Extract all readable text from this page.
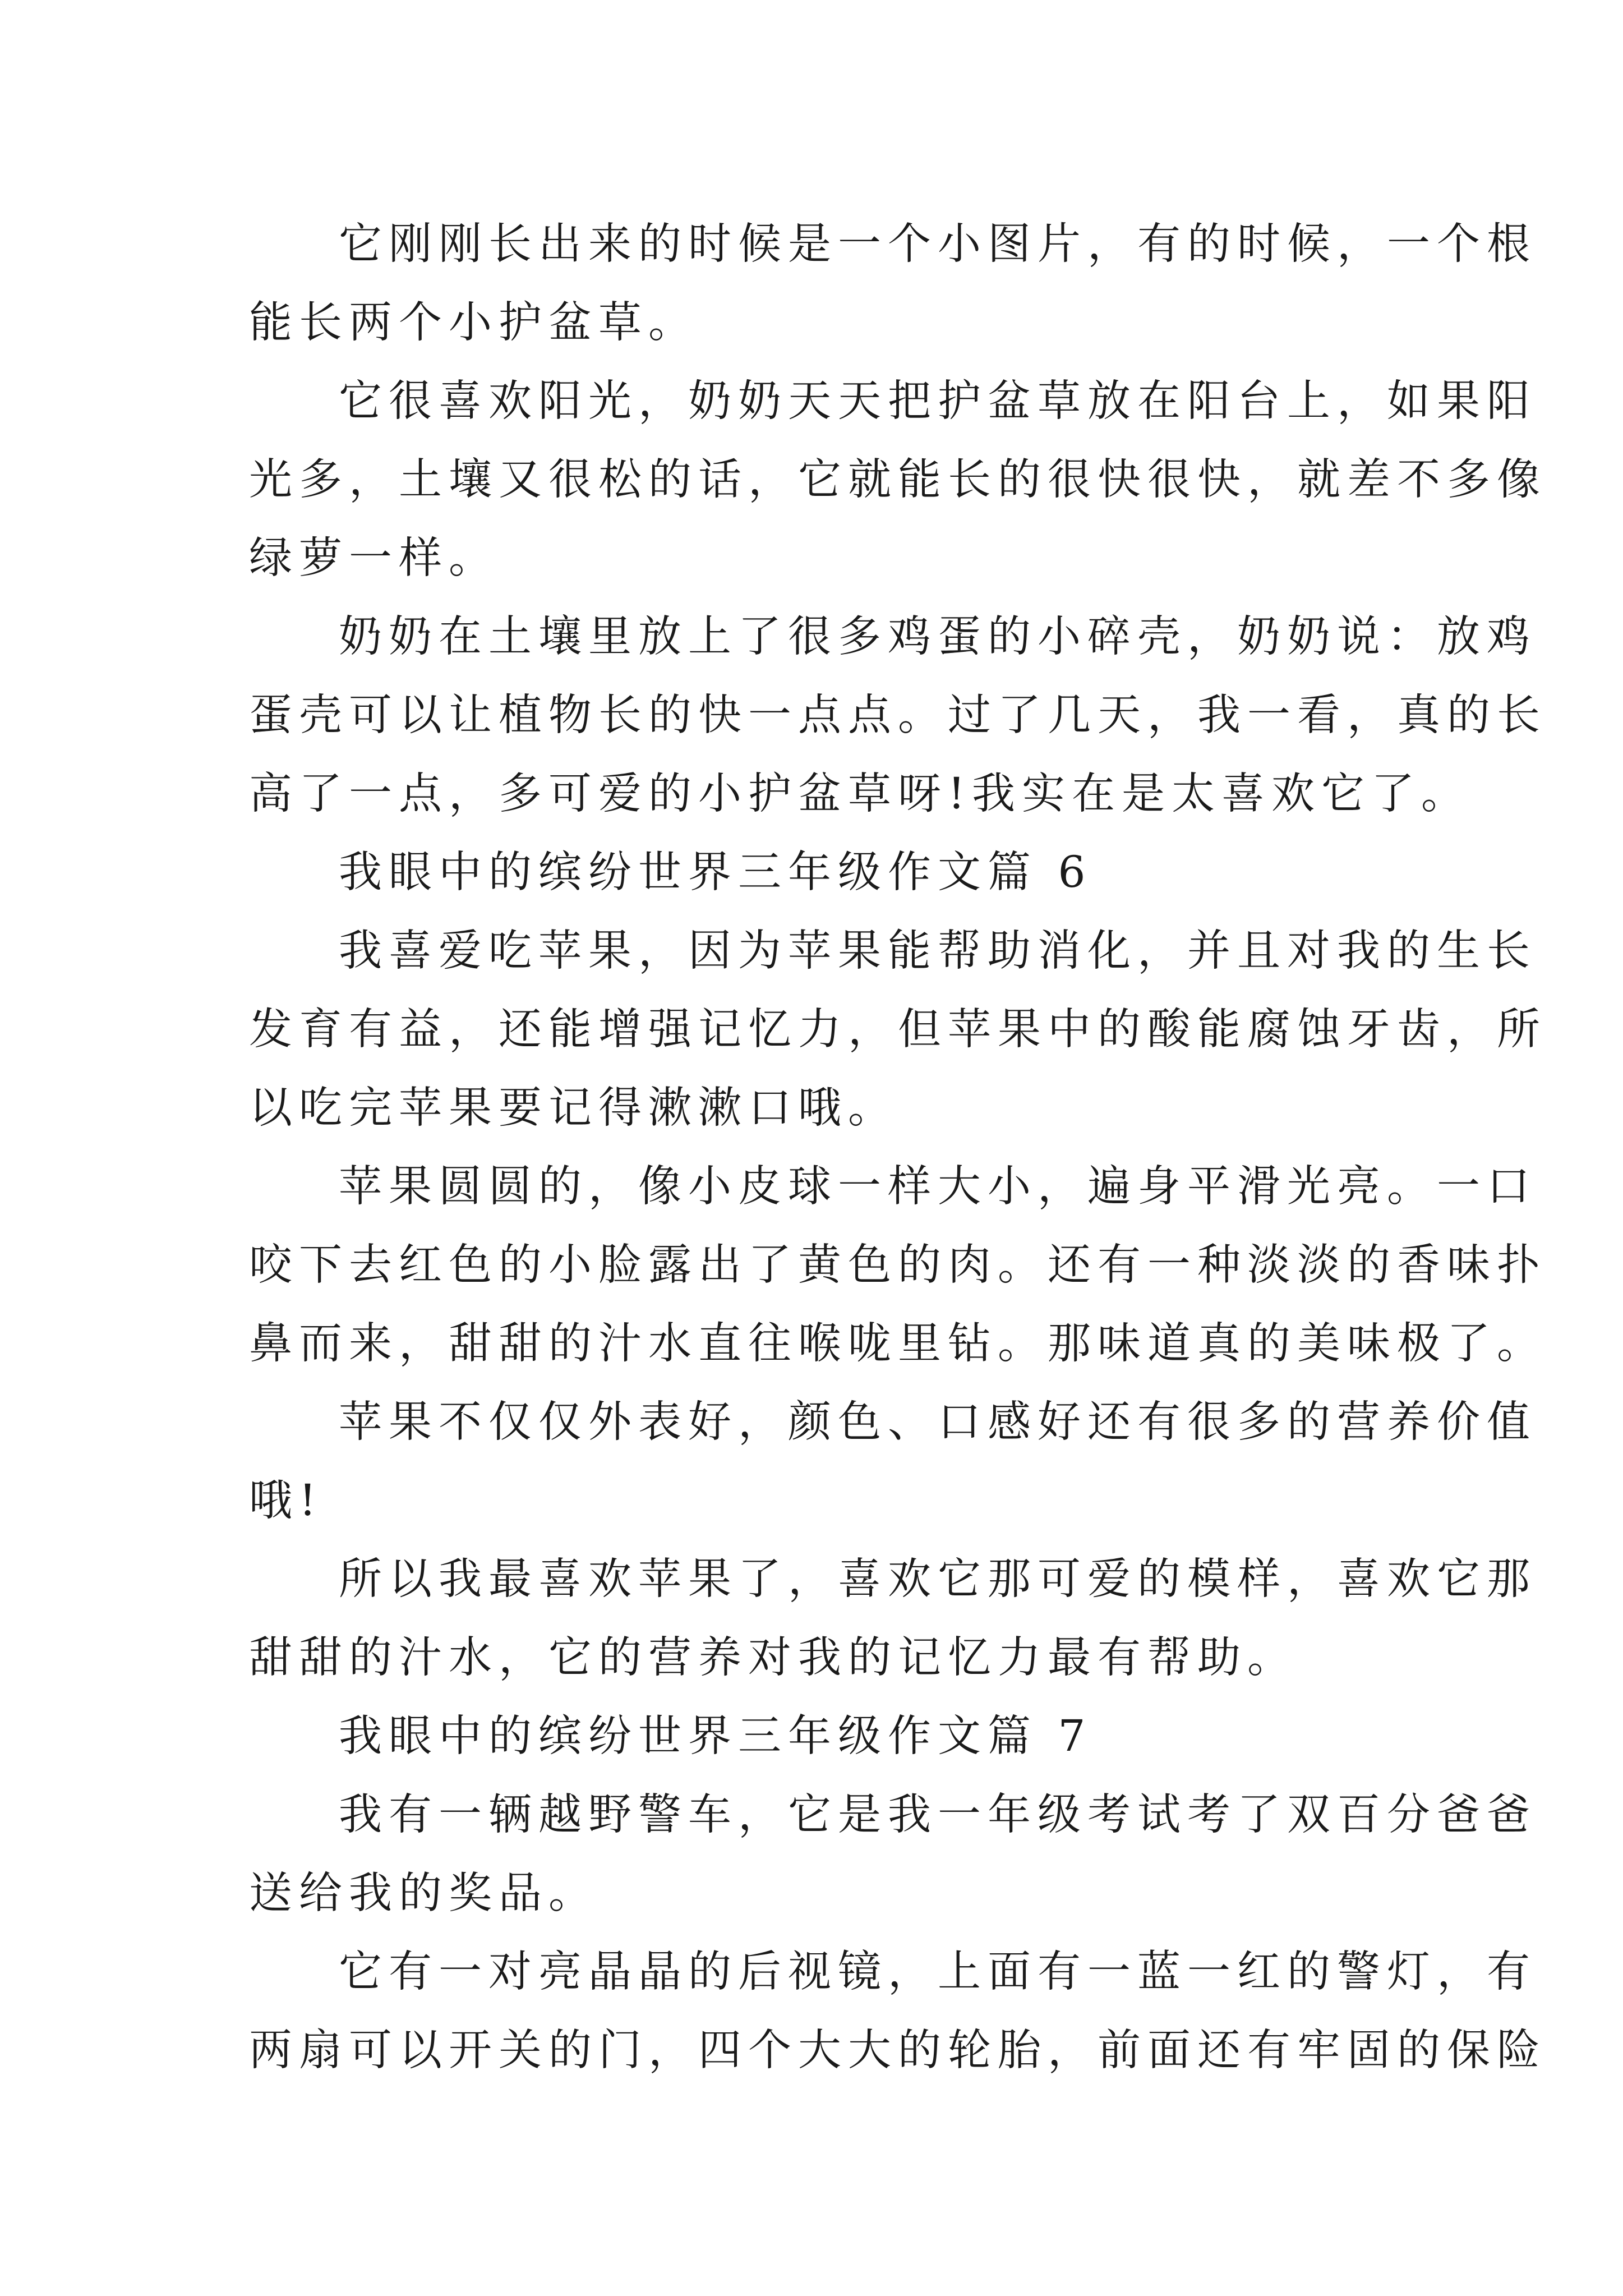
它刚刚长出来的时候是一个小图片，有的时候，一个根
能长两个小护盆草。
它很喜欢阳光，奶奶天天把护盆草放在阳台上，如果阳
光多，土壤又很松的话，它就能长的很快很快，就差不多像
绿萝一样。
奶奶在土壤里放上了很多鸡蛋的小碎壳，奶奶说：放鸡
蛋壳可以让植物长的快一点点。过了几天，我一看，真的长
高了一点，多可爱的小护盆草呀!我实在是太喜欢它了。
我眼中的缤纷世界三年级作文篇 6
我喜爱吃苹果，因为苹果能帮助消化，并且对我的生长
发育有益，还能增强记忆力，但苹果中的酸能腐蚀牙齿，所
以吃完苹果要记得漱漱口哦。
苹果圆圆的，像小皮球一样大小，遍身平滑光亮。一口
咬下去红色的小脸露出了黄色的肉。还有一种淡淡的香味扑
鼻而来，甜甜的汁水直往喉咙里钻。那味道真的美味极了。
苹果不仅仅外表好，颜色、口感好还有很多的营养价值
哦!
所以我最喜欢苹果了，喜欢它那可爱的模样，喜欢它那
甜甜的汁水，它的营养对我的记忆力最有帮助。
我眼中的缤纷世界三年级作文篇 7
我有一辆越野警车，它是我一年级考试考了双百分爸爸
送给我的奖品。
它有一对亮晶晶的后视镜，上面有一蓝一红的警灯，有
两扇可以开关的门，四个大大的轮胎，前面还有牢固的保险
